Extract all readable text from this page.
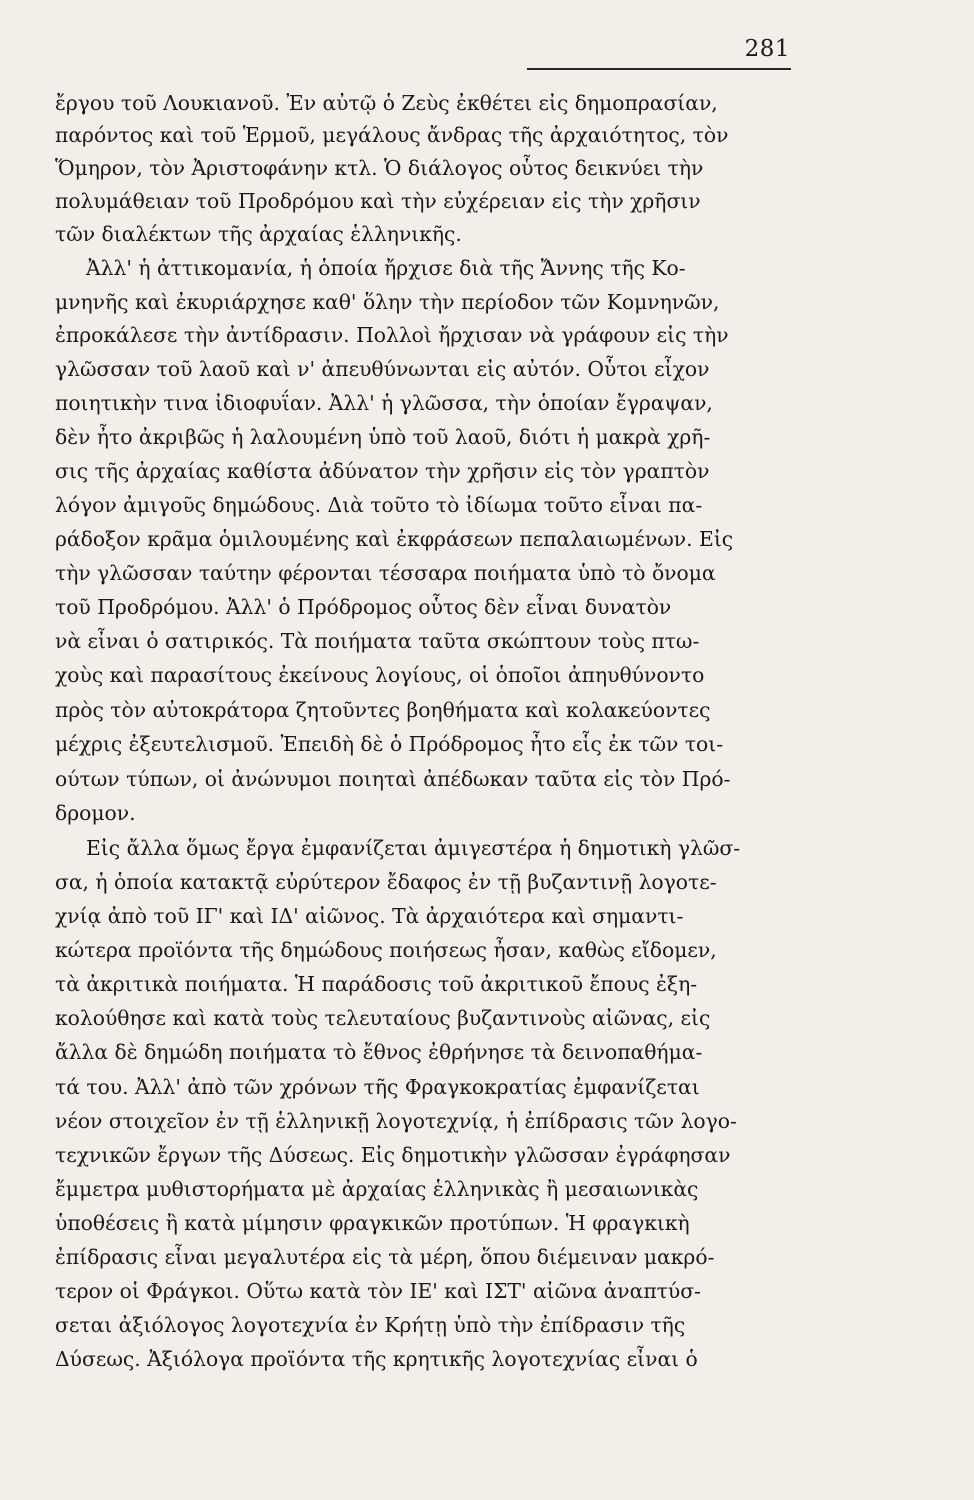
281
ἔργου τοῦ Λουκιανοῦ. Ἐν αὐτῷ ὁ Ζεὺς ἐκθέτει εἰς δημοπρασίαν,
παρόντος καὶ τοῦ Ἑρμοῦ, μεγάλους ἄνδρας τῆς ἀρχαιότητος, τὸν
Ὅμηρον, τὸν Ἀριστοφάνην κτλ. Ὁ διάλογος οὗτος δεικνύει τὴν
πολυμάθειαν τοῦ Προδρόμου καὶ τὴν εὐχέρειαν εἰς τὴν χρῆσιν
τῶν διαλέκτων τῆς ἀρχαίας ἑλληνικῆς.
Ἀλλ' ἡ ἀττικομανία, ἡ ὁποία ἤρχισε διὰ τῆς Ἄννης τῆς Κο-
μνηνῆς καὶ ἐκυριάρχησε καθ' ὅλην τὴν περίοδον τῶν Κομνηνῶν,
ἐπροκάλεσε τὴν ἀντίδρασιν. Πολλοὶ ἤρχισαν νὰ γράφουν εἰς τὴν
γλῶσσαν τοῦ λαοῦ καὶ ν' ἀπευθύνωνται εἰς αὐτόν. Οὗτοι εἶχον
ποιητικὴν τινα ἰδιοφυΐαν. Ἀλλ' ἡ γλῶσσα, τὴν ὁποίαν ἔγραψαν,
δὲν ἦτο ἀκριβῶς ἡ λαλουμένη ὑπὸ τοῦ λαοῦ, διότι ἡ μακρὰ χρῆ-
σις τῆς ἀρχαίας καθίστα ἀδύνατον τὴν χρῆσιν εἰς τὸν γραπτὸν
λόγον ἀμιγοῦς δημώδους. Διὰ τοῦτο τὸ ἰδίωμα τοῦτο εἶναι πα-
ράδοξον κρᾶμα ὁμιλουμένης καὶ ἐκφράσεων πεπαλαιωμένων. Εἰς
τὴν γλῶσσαν ταύτην φέρονται τέσσαρα ποιήματα ὑπὸ τὸ ὄνομα
τοῦ Προδρόμου. Ἀλλ' ὁ Πρόδρομος οὗτος δὲν εἶναι δυνατὸν
νὰ εἶναι ὁ σατιρικός. Τὰ ποιήματα ταῦτα σκώπτουν τοὺς πτω-
χοὺς καὶ παρασίτους ἐκείνους λογίους, οἱ ὁποῖοι ἀπηυθύνοντο
πρὸς τὸν αὐτοκράτορα ζητοῦντες βοηθήματα καὶ κολακεύοντες
μέχρις ἐξευτελισμοῦ. Ἐπειδὴ δὲ ὁ Πρόδρομος ἦτο εἷς ἐκ τῶν τοι-
ούτων τύπων, οἱ ἀνώνυμοι ποιηταὶ ἀπέδωκαν ταῦτα εἰς τὸν Πρό-
δρομον.
Εἰς ἄλλα ὅμως ἔργα ἐμφανίζεται ἀμιγεστέρα ἡ δημοτικὴ γλῶσ-
σα, ἡ ὁποία κατακτᾷ εὐρύτερον ἔδαφος ἐν τῇ βυζαντινῇ λογοτε-
χνίᾳ ἀπὸ τοῦ ΙΓ' καὶ ΙΔ' αἰῶνος. Τὰ ἀρχαιότερα καὶ σημαντι-
κώτερα προϊόντα τῆς δημώδους ποιήσεως ἦσαν, καθὼς εἴδομεν,
τὰ ἀκριτικὰ ποιήματα. Ἡ παράδοσις τοῦ ἀκριτικοῦ ἔπους ἐξη-
κολούθησε καὶ κατὰ τοὺς τελευταίους βυζαντινοὺς αἰῶνας, εἰς
ἄλλα δὲ δημώδη ποιήματα τὸ ἔθνος ἐθρήνησε τὰ δεινοπαθήμα-
τά του. Ἀλλ' ἀπὸ τῶν χρόνων τῆς Φραγκοκρατίας ἐμφανίζεται
νέον στοιχεῖον ἐν τῇ ἑλληνικῇ λογοτεχνίᾳ, ἡ ἐπίδρασις τῶν λογο-
τεχνικῶν ἔργων τῆς Δύσεως. Εἰς δημοτικὴν γλῶσσαν ἐγράφησαν
ἔμμετρα μυθιστορήματα μὲ ἀρχαίας ἑλληνικὰς ἢ μεσαιωνικὰς
ὑποθέσεις ἢ κατὰ μίμησιν φραγκικῶν προτύπων. Ἡ φραγκικὴ
ἐπίδρασις εἶναι μεγαλυτέρα εἰς τὰ μέρη, ὅπου διέμειναν μακρό-
τερον οἱ Φράγκοι. Οὕτω κατὰ τὸν ΙΕ' καὶ ΙΣΤ' αἰῶνα ἀναπτύσ-
σεται ἀξιόλογος λογοτεχνία ἐν Κρήτῃ ὑπὸ τὴν ἐπίδρασιν τῆς
Δύσεως. Ἀξιόλογα προϊόντα τῆς κρητικῆς λογοτεχνίας εἶναι ὁ
